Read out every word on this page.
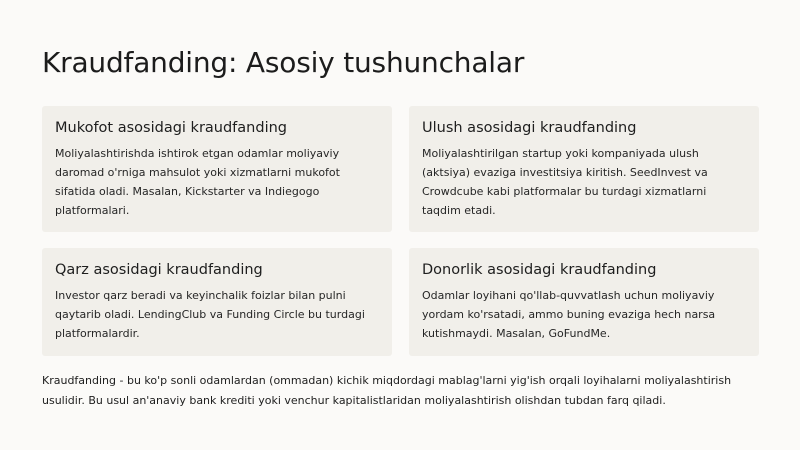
Kraudfanding: Asosiy tushunchalar
Mukofot asosidagi kraudfanding

Moliyalashtirishda ishtirok etgan odamlar moliyaviy daromad o'rniga mahsulot yoki xizmatlarni mukofot sifatida oladi. Masalan, Kickstarter va Indiegogo platformalari.

Ulush asosidagi kraudfanding

Moliyalashtirilgan startup yoki kompaniyada ulush (aktsiya) evaziga investitsiya kiritish. SeedInvest va Crowdcube kabi platformalar bu turdagi xizmatlarni taqdim etadi.

Qarz asosidagi kraudfanding

Investor qarz beradi va keyinchalik foizlar bilan pulni qaytarib oladi. LendingClub va Funding Circle bu turdagi platformalardir.

Donorlik asosidagi kraudfanding

Odamlar loyihani qo'llab-quvvatlash uchun moliyaviy yordam ko'rsatadi, ammo buning evaziga hech narsa kutishmaydi. Masalan, GoFundMe.

Kraudfanding - bu ko'p sonli odamlardan (ommadan) kichik miqdordagi mablag'larni yig'ish orqali loyihalarni moliyalashtirish usulidir. Bu usul an'anaviy bank krediti yoki venchur kapitalistlaridan moliyalashtirish olishdan tubdan farq qiladi.
